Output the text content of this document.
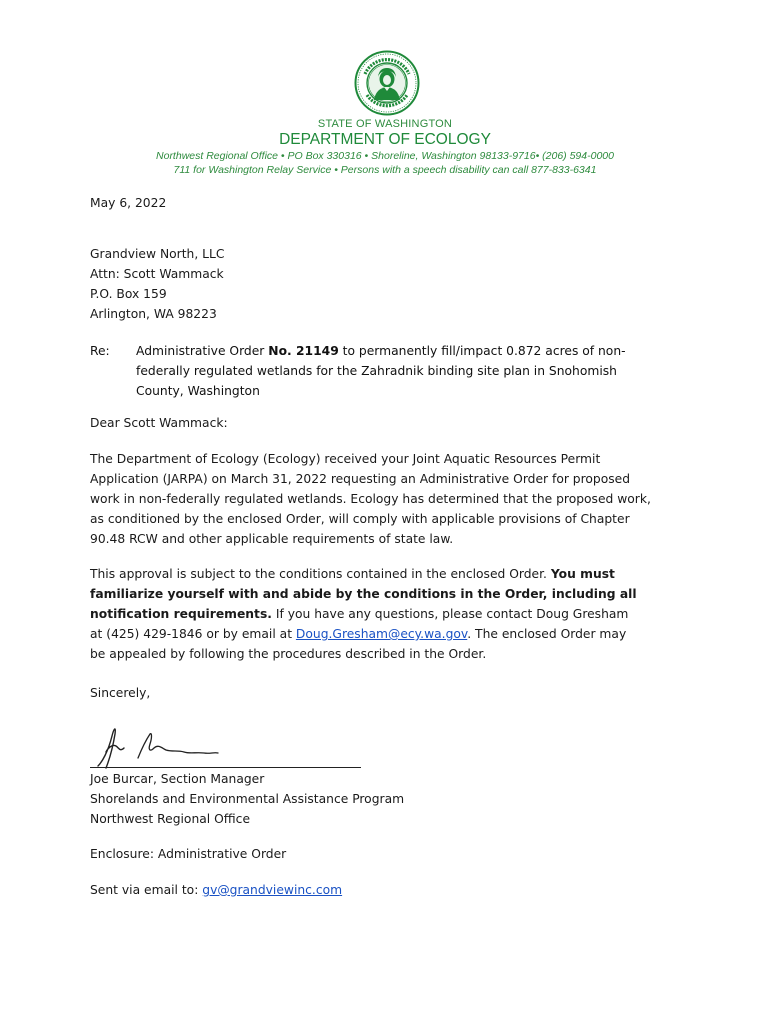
STATE OF WASHINGTON
DEPARTMENT OF ECOLOGY
Northwest Regional Office • PO Box 330316 • Shoreline, Washington 98133-9716• (206) 594-0000
711 for Washington Relay Service • Persons with a speech disability can call 877-833-6341
May 6, 2022
Grandview North, LLC
Attn: Scott Wammack
P.O. Box 159
Arlington, WA 98223
Re: Administrative Order No. 21149 to permanently fill/impact 0.872 acres of non-
federally regulated wetlands for the Zahradnik binding site plan in Snohomish
County, Washington
Dear Scott Wammack:
The Department of Ecology (Ecology) received your Joint Aquatic Resources Permit
Application (JARPA) on March 31, 2022 requesting an Administrative Order for proposed
work in non-federally regulated wetlands. Ecology has determined that the proposed work,
as conditioned by the enclosed Order, will comply with applicable provisions of Chapter
90.48 RCW and other applicable requirements of state law.
This approval is subject to the conditions contained in the enclosed Order. You must
familiarize yourself with and abide by the conditions in the Order, including all
notification requirements. If you have any questions, please contact Doug Gresham
at (425) 429-1846 or by email at Doug.Gresham@ecy.wa.gov. The enclosed Order may
be appealed by following the procedures described in the Order.
Sincerely,
Joe Burcar, Section Manager
Shorelands and Environmental Assistance Program
Northwest Regional Office
Enclosure: Administrative Order
Sent via email to: gv@grandviewinc.com
